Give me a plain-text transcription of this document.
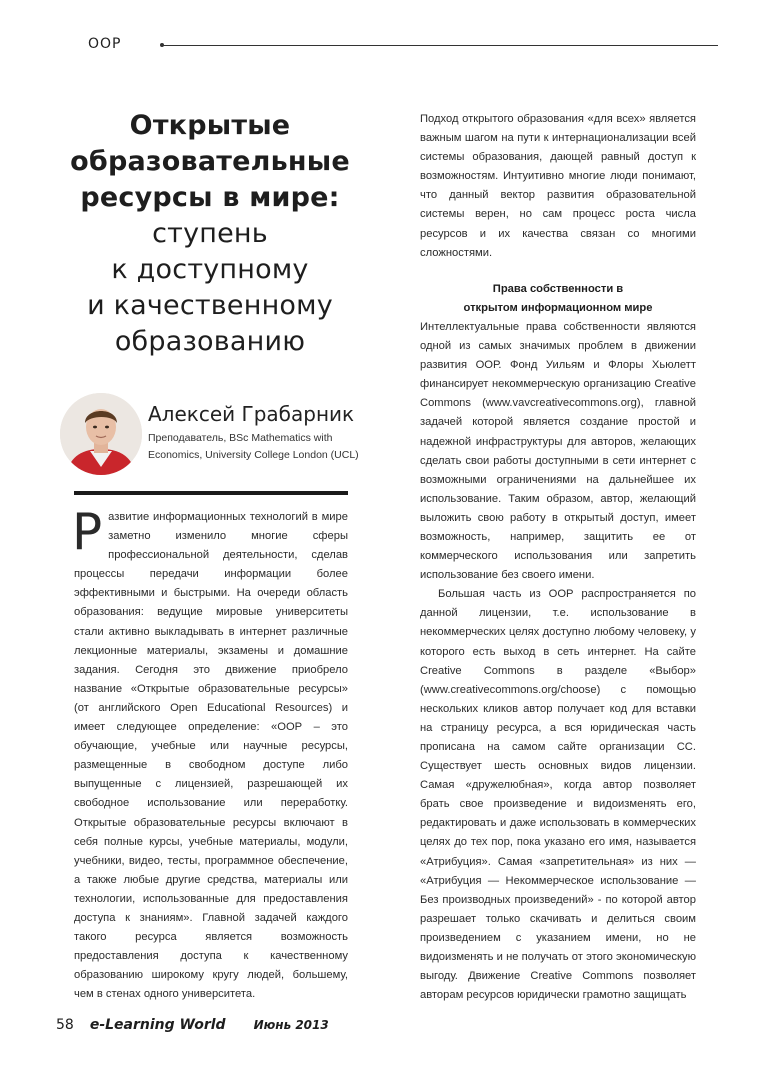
OOP
Открытые
образовательные
ресурсы в мире:
ступень
к доступному
и качественному
образованию
Алексей Грабарник
Преподаватель, BSc Mathematics with Economics, University College London (UCL)

Развитие информационных технологий в мире заметно изменило многие сферы профессиональной деятельности, сделав процессы передачи информации более эффективными и быстрыми. На очереди область образования: ведущие мировые университеты стали активно выкладывать в интернет различные лекционные материалы, экзамены и домашние задания. Сегодня это движение приобрело название «Открытые образовательные ресурсы» (от английского Open Educational Resources) и имеет следующее определение: «ООР – это обучающие, учебные или научные ресурсы, размещенные в свободном доступе либо выпущенные с лицензией, разрешающей их свободное использование или переработку. Открытые образовательные ресурсы включают в себя полные курсы, учебные материалы, модули, учебники, видео, тесты, программное обеспечение, а также любые другие средства, материалы или технологии, использованные для предоставления доступа к знаниям». Главной задачей каждого такого ресурса является возможность предоставления доступа к качественному образованию широкому кругу людей, большему, чем в стенах одного университета.

Подход открытого образования «для всех» является важным шагом на пути к интернационализации всей системы образования, дающей равный доступ к возможностям. Интуитивно многие люди понимают, что данный вектор развития образовательной системы верен, но сам процесс роста числа ресурсов и их качества связан со многими сложностями.

Права собственности в
открытом информационном мире

Интеллектуальные права собственности являются одной из самых значимых проблем в движении развития ООР. Фонд Уильям и Флоры Хьюлетт финансирует некоммерческую организацию Creative Commons (www.vavcreativecommons.org), главной задачей которой является создание простой и надежной инфраструктуры для авторов, желающих сделать свои работы доступными в сети интернет с возможными ограничениями на дальнейшее их использование. Таким образом, автор, желающий выложить свою работу в открытый доступ, имеет возможность, например, защитить ее от коммерческого использования или запретить использование без своего имени.

Большая часть из ООР распространяется по данной лицензии, т.е. использование в некоммерческих целях доступно любому человеку, у которого есть выход в сеть интернет. На сайте Creative Commons в разделе «Выбор» (www.creativecommons.org/choose) с помощью нескольких кликов автор получает код для вставки на страницу ресурса, а вся юридическая часть прописана на самом сайте организации СС. Существует шесть основных видов лицензии. Самая «дружелюбная», когда автор позволяет брать свое произведение и видоизменять его, редактировать и даже использовать в коммерческих целях до тех пор, пока указано его имя, называется «Атрибуция». Самая «запретительная» из них — «Атрибуция — Некоммерческое использование — Без производных произведений» - по которой автор разрешает только скачивать и делиться своим произведением с указанием имени, но не видоизменять и не получать от этого экономическую выгоду. Движение Creative Commons позволяет авторам ресурсов юридически грамотно защищать

58 e-Learning World Июнь 2013
